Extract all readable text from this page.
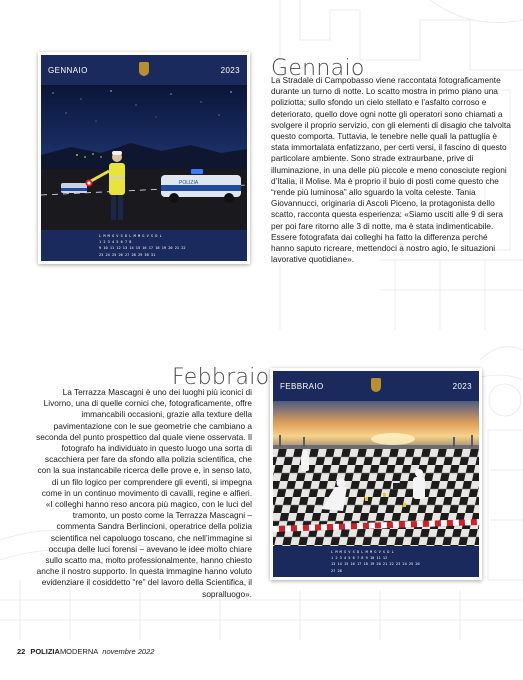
GENNAIO	2023
POLIZIA
L M M G V S D L M M G V S D L
1 2 3 4 5 6 7 8
9 10 11 12 13 14 15 16 17 18 19 20 21 22
23 24 25 26 27 28 29 30 31
Gennaio

La Stradale di Campobasso viene raccontata fotograficamente durante un turno di notte. Lo scatto mostra in primo piano una poliziotta; sullo sfondo un cielo stellato e l’asfalto corroso e deteriorato, quello dove ogni notte gli operatori sono chiamati a svolgere il proprio servizio, con gli elementi di disagio che talvolta questo comporta. Tuttavia, le tenebre nelle quali la pattuglia è stata immortalata enfatizzano, per certi versi, il fascino di questo particolare ambiente. Sono strade extraurbane, prive di illuminazione, in una delle più piccole e meno conosciute regioni d’Italia, il Molise. Ma è proprio il buio di posti come questo che “rende più luminosa” allo sguardo la volta celeste. Tania Giovannucci, originaria di Ascoli Piceno, la protagonista dello scatto, racconta questa esperienza: «Siamo usciti alle 9 di sera per poi fare ritorno alle 3 di notte, ma è stata indimenticabile. Essere fotografata dai colleghi ha fatto la differenza perché hanno saputo ricreare, mettendoci a nostro agio, le situazioni lavorative quotidiane».

Febbraio

La Terrazza Mascagni è uno dei luoghi più iconici di Livorno, una di quelle cornici che, fotograficamente, offre immancabili occasioni, grazie alla texture della pavimentazione con le sue geometrie che cambiano a seconda del punto prospettico dal quale viene osservata. Il fotografo ha individuato in questo luogo una sorta di scacchiera per fare da sfondo alla polizia scientifica, che con la sua instancabile ricerca delle prove e, in senso lato, di un filo logico per comprendere gli eventi, si impegna come in un continuo movimento di cavalli, regine e alfieri.

«I colleghi hanno reso ancora più magico, con le luci del tramonto, un posto come la Terrazza Mascagni – commenta Sandra Berlincioni, operatrice della polizia scientifica nel capoluogo toscano, che nell’immagine si occupa delle luci forensi – avevano le idee molto chiare sullo scatto ma, molto professionalmente, hanno chiesto anche il nostro supporto. In questa immagine hanno voluto evidenziare il cosiddetto “re” del lavoro della Scientifica, il sopralluogo».

FEBBRAIO	2023
L M M G V S D L M M G V S D L
1 2 3 4 5 6 7 8 9 10 11 12
13 14 15 16 17 18 19 20 21 22 23 24 25 26
27 28
22 POLIZIAMODERNA novembre 2022
